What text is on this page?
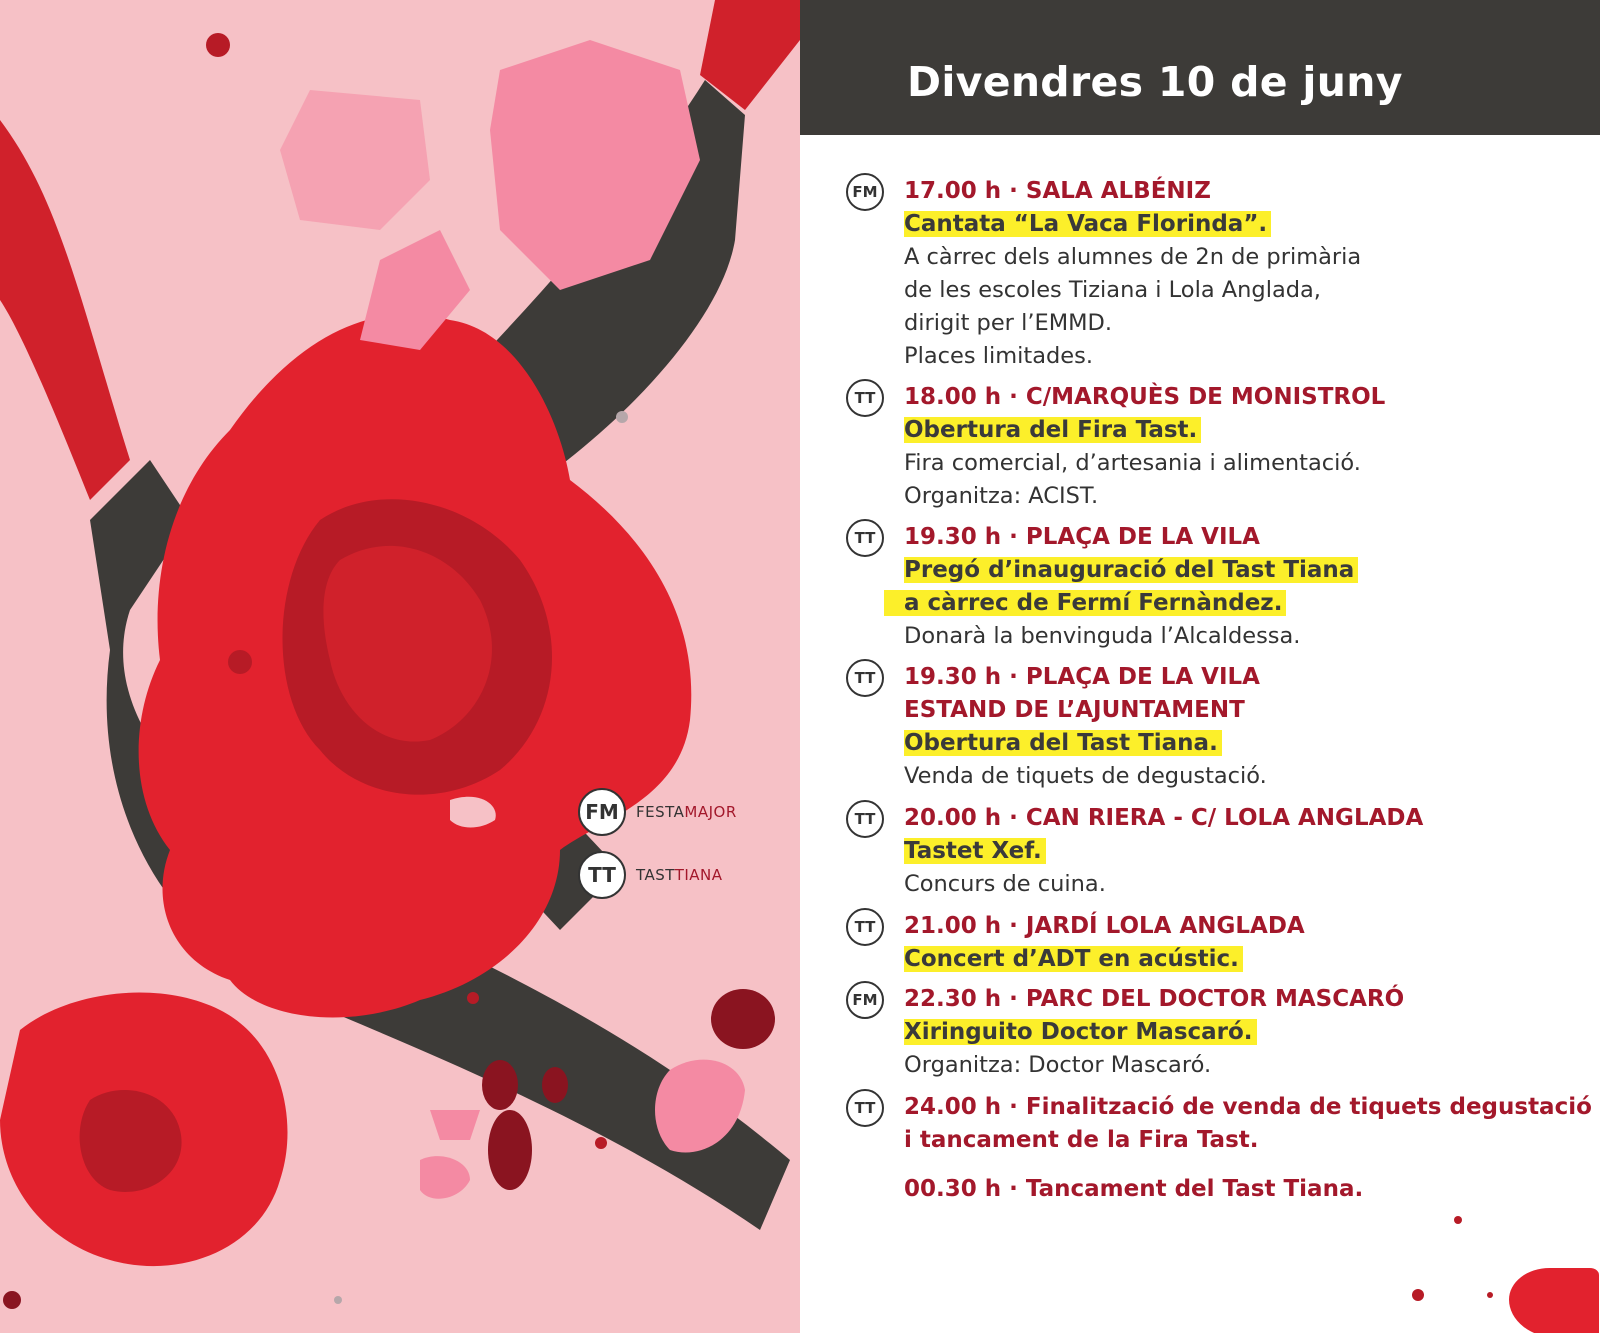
FM	FESTAMAJOR
TT	TASTTIANA
Divendres 10 de juny
FM 17.00 h · SALA ALBÉNIZ
Cantata “La Vaca Florinda”.
A càrrec dels alumnes de 2n de primària
de les escoles Tiziana i Lola Anglada,
dirigit per l’EMMD.
Places limitades.
TT	18.00 h · C/MARQUÈS DE MONISTROL
Obertura del Fira Tast.
Fira comercial, d’artesania i alimentació.
Organitza: ACIST.
TT	19.30 h · PLAÇA DE LA VILA
Pregó d’inauguració del Tast Tiana
a càrrec de Fermí Fernàndez.
Donarà la benvinguda l’Alcaldessa.
TT	19.30 h · PLAÇA DE LA VILA
ESTAND DE L’AJUNTAMENT
Obertura del Tast Tiana.
Venda de tiquets de degustació.
TT	20.00 h · CAN RIERA - C/ LOLA ANGLADA
Tastet Xef.
Concurs de cuina.
TT	21.00 h · JARDÍ LOLA ANGLADA
Concert d’ADT en acústic.
FM 22.30 h · PARC DEL DOCTOR MASCARÓ
Xiringuito Doctor Mascaró.
Organitza: Doctor Mascaró.
TT	24.00 h · Finalització de venda de tiquets degustació
i tancament de la Fira Tast.
00.30 h · Tancament del Tast Tiana.
